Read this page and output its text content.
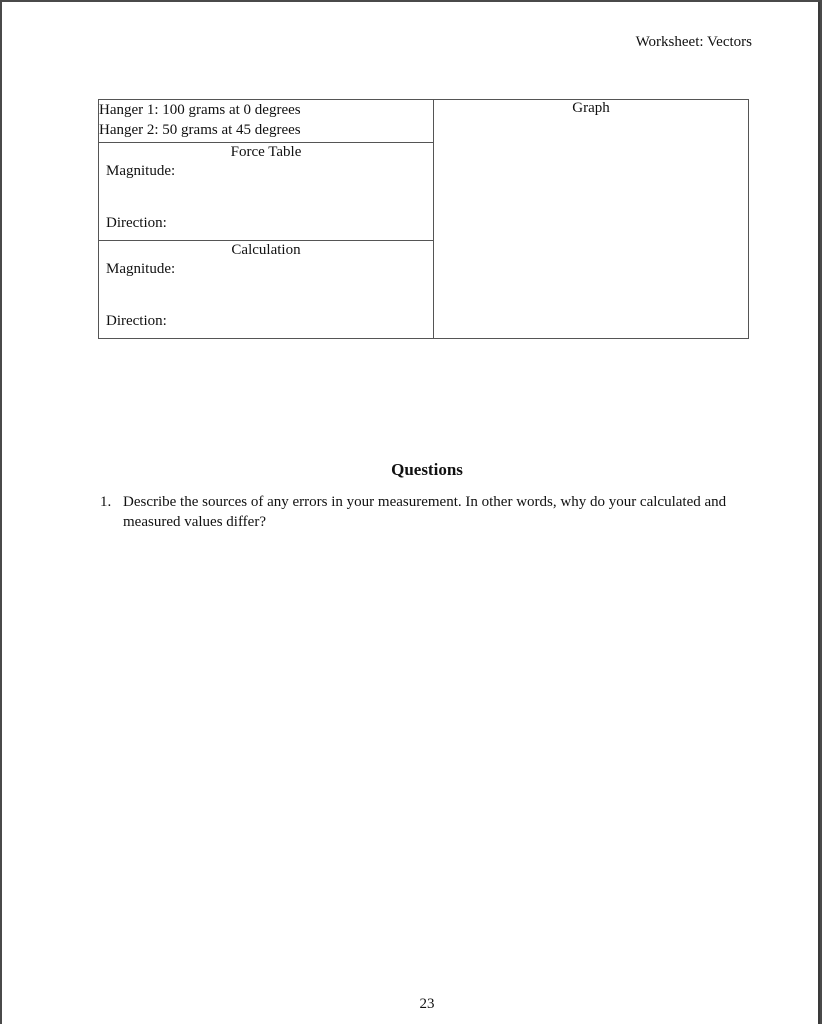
Worksheet: Vectors
Hanger 1: 100 grams at 0 degrees
Hanger 2: 50 grams at 45 degrees
	Graph

Force Table
Magnitude:
Direction:

Calculation
Magnitude:
Direction:
Questions
1. Describe the sources of any errors in your measurement. In other words, why do your calculated and measured values differ?
23
